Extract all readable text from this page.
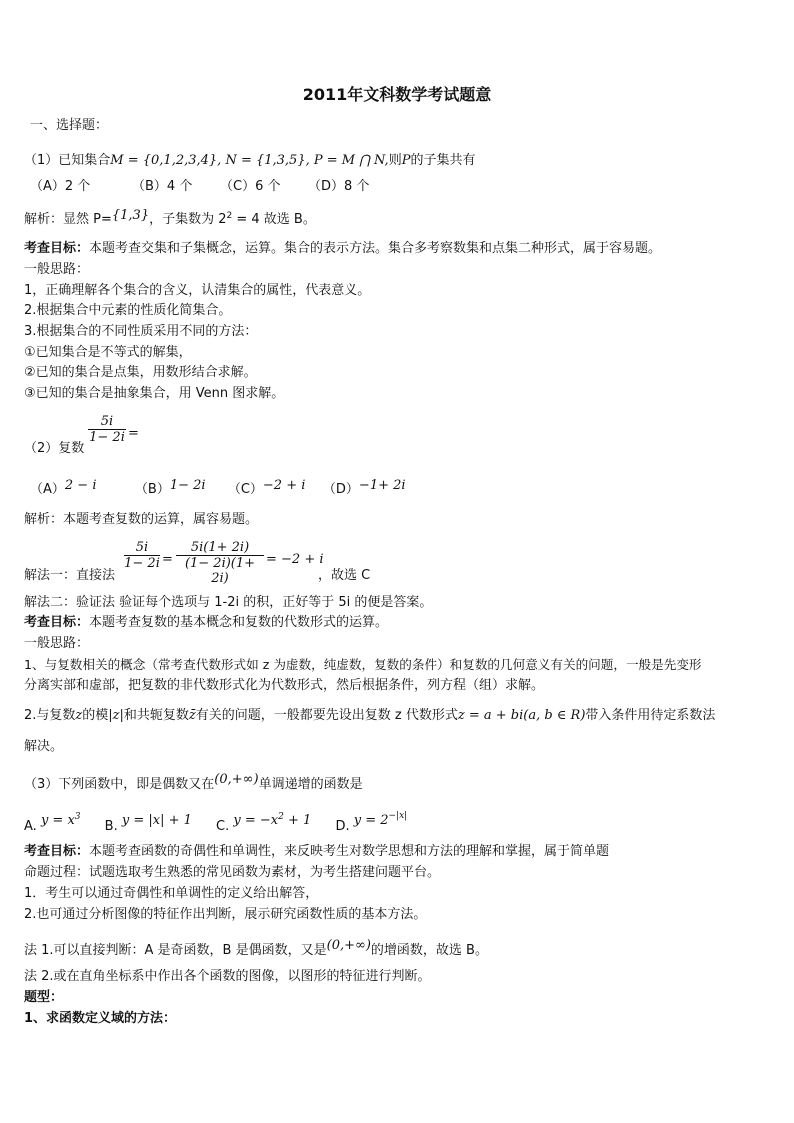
2011年文科数学考试题意
一、选择题：
（1）已知集合M = {0,1,2,3,4}, N = {1,3,5}, P = M ⋂ N,则P的子集共有
（A）2 个	（B）4 个 （C）6 个 （D）8 个
解析：显然 P={1,3}，子集数为 $2^2 = 4$ 故选 B。
考查目标：本题考查交集和子集概念，运算。集合的表示方法。集合多考察数集和点集二种形式，属于容易题。
一般思路：
1，正确理解各个集合的含义，认清集合的属性，代表意义。
2.根据集合中元素的性质化简集合。
3.根据集合的不同性质采用不同的方法：
①已知集合是不等式的解集，
②已知的集合是点集，用数形结合求解。
③已知的集合是抽象集合，用 Venn 图求解。
（2）复数
5i
1− 2i =
（A）2 − i	（B）1− 2i （C）−2 + i （D）−1+ 2i
解析：本题考查复数的运算，属容易题。
解法一：直接法
5i
1− 2i =
5i(1+ 2i)
(1− 2i)(1+ 2i)
= −2 + i
，故选 C
解法二：验证法 验证每个选项与 1-2i 的积，正好等于 5i 的便是答案。
考查目标：本题考查复数的基本概念和复数的代数形式的运算。
一般思路：
1、与复数相关的概念（常考查代数形式如 z 为虚数，纯虚数，复数的条件）和复数的几何意义有关的问题，一般是先变形
分离实部和虚部，把复数的非代数形式化为代数形式，然后根据条件，列方程（组）求解。
2.与复数z的模|z|和共轭复数z̄有关的问题，一般都要先设出复数 z 代数形式z = a + bi(a, b ∈ R)带入条件用待定系数法
解决。
（3）下列函数中，即是偶数又在(0,+∞)单调递增的函数是
A. $y = x^3$ B. y = |x| + 1 C. $y = -x^2 + 1$ D. $y = 2^{-|x|}$
考查目标：本题考查函数的奇偶性和单调性，来反映考生对数学思想和方法的理解和掌握，属于简单题
命题过程：试题选取考生熟悉的常见函数为素材，为考生搭建问题平台。
1．考生可以通过奇偶性和单调性的定义给出解答，
2.也可通过分析图像的特征作出判断，展示研究函数性质的基本方法。
法 1.可以直接判断：A 是奇函数，B 是偶函数，又是(0,+∞)的增函数，故选 B。
法 2.或在直角坐标系中作出各个函数的图像，以图形的特征进行判断。
题型：
1、求函数定义域的方法：
